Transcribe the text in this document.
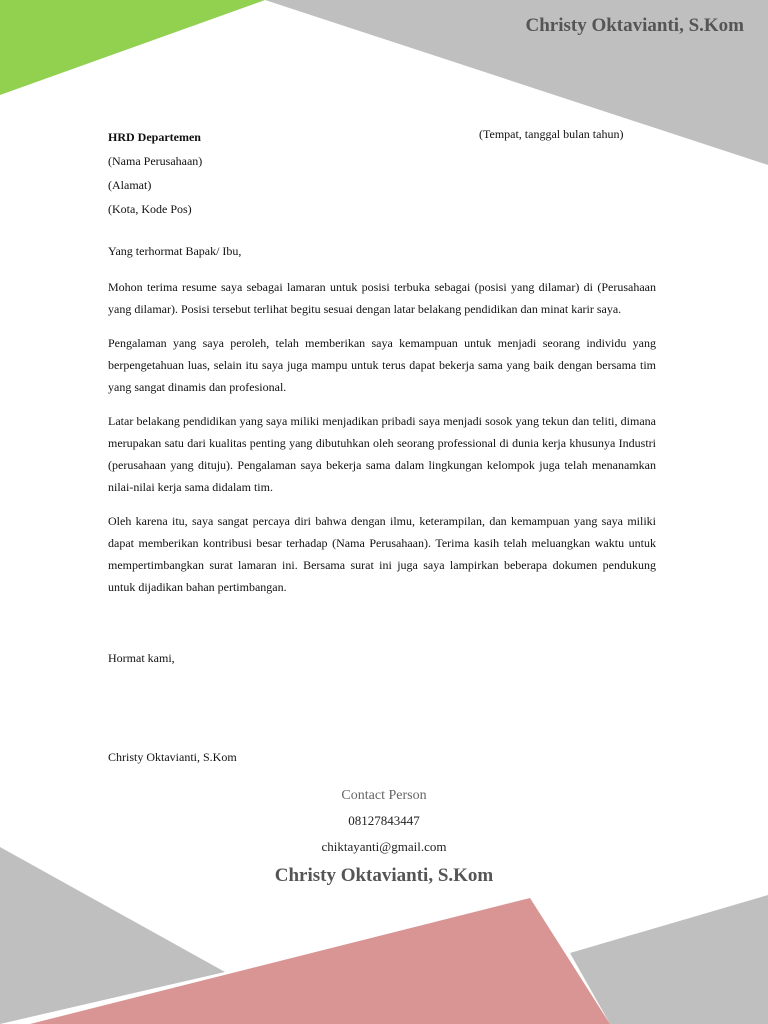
Christy Oktavianti, S.Kom
HRD Departemen
(Nama Perusahaan)
(Alamat)
(Kota, Kode Pos)
(Tempat, tanggal bulan tahun)
Yang terhormat Bapak/ Ibu,

Mohon terima resume saya sebagai lamaran untuk posisi terbuka sebagai (posisi yang dilamar) di (Perusahaan yang dilamar). Posisi tersebut terlihat begitu sesuai dengan latar belakang pendidikan dan minat karir saya.

Pengalaman yang saya peroleh, telah memberikan saya kemampuan untuk menjadi seorang individu yang berpengetahuan luas, selain itu saya juga mampu untuk terus dapat bekerja sama yang baik dengan bersama tim yang sangat dinamis dan profesional.

Latar belakang pendidikan yang saya miliki menjadikan pribadi saya menjadi sosok yang tekun dan teliti, dimana merupakan satu dari kualitas penting yang dibutuhkan oleh seorang professional di dunia kerja khusunya Industri (perusahaan yang dituju). Pengalaman saya bekerja sama dalam lingkungan kelompok juga telah menanamkan nilai-nilai kerja sama didalam tim.

Oleh karena itu, saya sangat percaya diri bahwa dengan ilmu, keterampilan, dan kemampuan yang saya miliki dapat memberikan kontribusi besar terhadap (Nama Perusahaan). Terima kasih telah meluangkan waktu untuk mempertimbangkan surat lamaran ini. Bersama surat ini juga saya lampirkan beberapa dokumen pendukung untuk dijadikan bahan pertimbangan.

Hormat kami,
Christy Oktavianti, S.Kom
Contact Person
08127843447
chiktayanti@gmail.com
Christy Oktavianti, S.Kom
